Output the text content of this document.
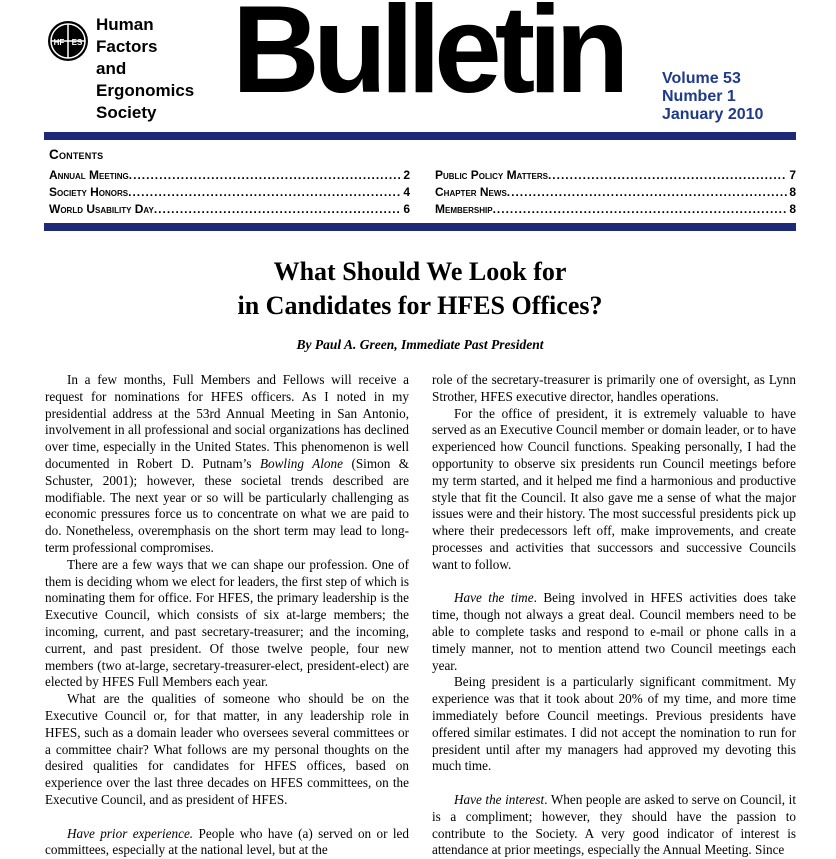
HF ES
Human
Factors
and
Ergonomics
Society Bulletin Volume 53
Number 1
January 2010
Contents
Annual Meeting .....	2
Society Honors .....	4
World Usability Day .....	6
Public Policy Matters .....	7
Chapter News .....	8
Membership .....	8
What Should We Look for
in Candidates for HFES Offices?
By Paul A. Green, Immediate Past President

In a few months, Full Members and Fellows will receive a request for nominations for HFES officers. As I noted in my presidential address at the 53rd Annual Meeting in San Antonio, involvement in all professional and social organizations has declined over time, especially in the United States. This phenomenon is well documented in Robert D. Putnam’s Bowling Alone (Simon & Schuster, 2001); however, these societal trends described are modifiable. The next year or so will be particularly challenging as economic pressures force us to concentrate on what we are paid to do. Nonetheless, overemphasis on the short term may lead to long-term professional compromises.

There are a few ways that we can shape our profession. One of them is deciding whom we elect for leaders, the first step of which is nominating them for office. For HFES, the primary leadership is the Executive Council, which consists of six at-large members; the incoming, current, and past secretary-treasurer; and the incoming, current, and past president. Of those twelve people, four new members (two at-large, secretary-treasurer-elect, president-elect) are elected by HFES Full Members each year.

What are the qualities of someone who should be on the Executive Council or, for that matter, in any leadership role in HFES, such as a domain leader who oversees several committees or a committee chair? What follows are my personal thoughts on the desired qualities for candidates for HFES offices, based on experience over the last three decades on HFES committees, on the Executive Council, and as president of HFES.

Have prior experience. People who have (a) served on or led committees, especially at the national level, but at the

role of the secretary-treasurer is primarily one of oversight, as Lynn Strother, HFES executive director, handles operations.

For the office of president, it is extremely valuable to have served as an Executive Council member or domain leader, or to have experienced how Council functions. Speaking personally, I had the opportunity to observe six presidents run Council meetings before my term started, and it helped me find a harmonious and productive style that fit the Council. It also gave me a sense of what the major issues were and their history. The most successful presidents pick up where their predecessors left off, make improvements, and create processes and activities that successors and successive Councils want to follow.

Have the time. Being involved in HFES activities does take time, though not always a great deal. Council members need to be able to complete tasks and respond to e-mail or phone calls in a timely manner, not to mention attend two Council meetings each year.

Being president is a particularly significant commitment. My experience was that it took about 20% of my time, and more time immediately before Council meetings. Previous presidents have offered similar estimates. I did not accept the nomination to run for president until after my managers had approved my devoting this much time.

Have the interest. When people are asked to serve on Council, it is a compliment; however, they should have the passion to contribute to the Society. A very good indicator of interest is attendance at prior meetings, especially the Annual Meeting. Since
